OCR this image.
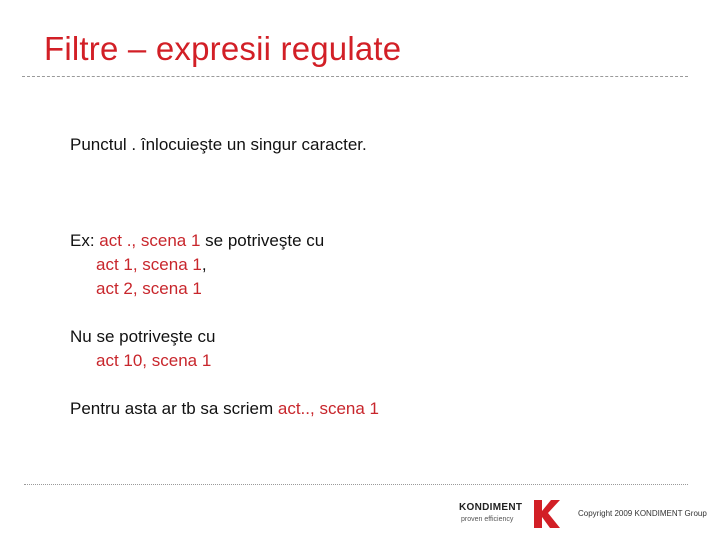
Filtre – expresii regulate

Punctul . înlocuieşte un singur caracter.

Ex: act ., scena 1 se potriveşte cu

act 1, scena 1,

act 2, scena 1

Nu se potriveşte cu

act 10, scena 1

Pentru asta ar tb sa scriem act.., scena 1

KONDIMENT
proven efficiency
Copyright 2009 KONDIMENT Group
